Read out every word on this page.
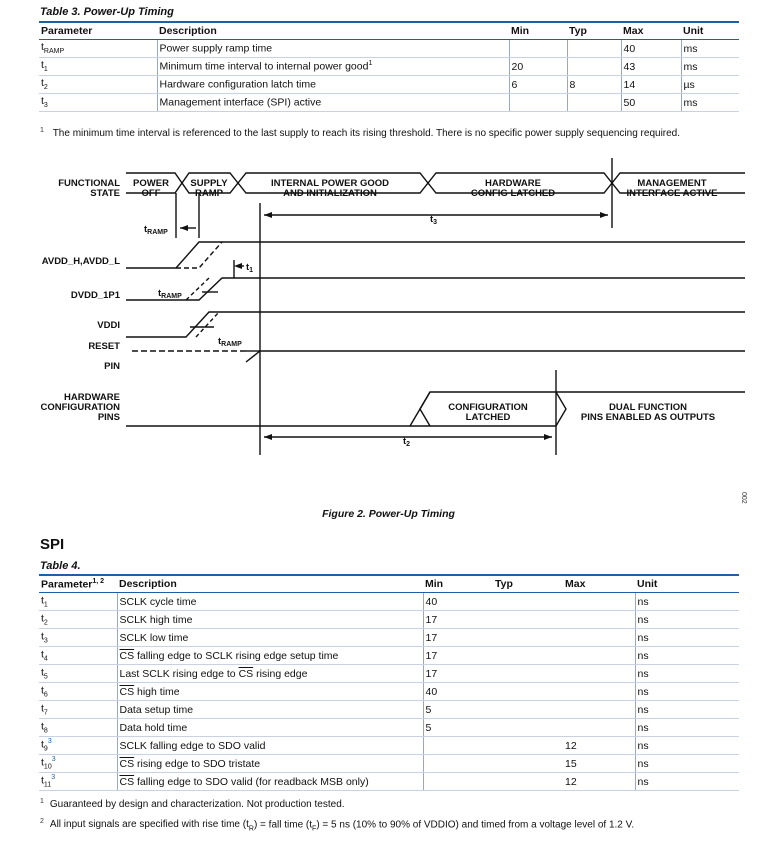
Table 3. Power-Up Timing
Parameter	Description	Min	Typ	Max	Unit
$t_{RAMP}$	Power supply ramp time			40	ms
$t_1$	Minimum time interval to internal power good$^1$	20		43	ms
$t_2$	Hardware configuration latch time	6	8	14	µs
$t_3$	Management interface (SPI) active			50	ms
$^1$ The minimum time interval is referenced to the last supply to reach its rising threshold. There is no specific power supply sequencing required.
FUNCTIONAL
STATE
POWER
OFF
SUPPLY
RAMP
INTERNAL POWER GOOD
AND INITIALIZATION
HARDWARE
CONFIG LATCHED
MANAGEMENT
INTERFACE ACTIVE
AVDD_H,AVDD_L
DVDD_1P1
VDDI
RESET
PIN
HARDWARE
CONFIGURATION
PINS
CONFIGURATION
LATCHED
DUAL FUNCTION
PINS ENABLED AS OUTPUTS
$t_{RAMP}$
$t_{RAMP}$
$t_{RAMP}$
$t_1$
$t_2$
$t_3$
002
Figure 2. Power-Up Timing
SPI
Table 4.
Parameter$^{1, 2}$	Description	Min	Typ	Max	Unit
$t_1$	SCLK cycle time	40			ns
$t_2$	SCLK high time	17			ns
$t_3$	SCLK low time	17			ns
$t_4$	$\overline{CS}$ falling edge to SCLK rising edge setup time	17			ns
$t_5$	Last SCLK rising edge to $\overline{CS}$ rising edge	17			ns
$t_6$	$\overline{CS}$ high time	40			ns
$t_7$	Data setup time	5			ns
$t_8$	Data hold time	5			ns
$t_9^3$	SCLK falling edge to SDO valid			12	ns
$t_{10}^3$	$\overline{CS}$ rising edge to SDO tristate			15	ns
$t_{11}^3$	$\overline{CS}$ falling edge to SDO valid (for readback MSB only)			12	ns
$^1$ Guaranteed by design and characterization. Not production tested.
$^2$ All input signals are specified with rise time $(t_R)$ = fall time $(t_F) = 5$ ns (10% to 90% of VDDIO) and timed from a voltage level of 1.2 V.
